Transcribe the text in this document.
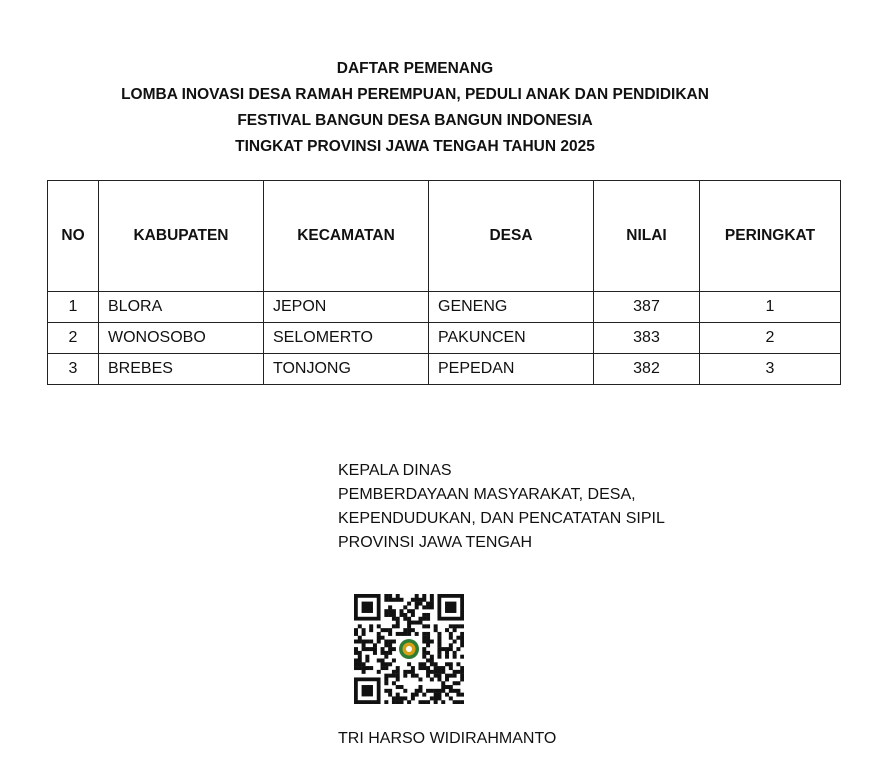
DAFTAR PEMENANG
LOMBA INOVASI DESA RAMAH PEREMPUAN, PEDULI ANAK DAN PENDIDIKAN
FESTIVAL BANGUN DESA BANGUN INDONESIA
TINGKAT PROVINSI JAWA TENGAH TAHUN 2025
NO	KABUPATEN	KECAMATAN	DESA	NILAI	PERINGKAT
1	BLORA	JEPON	GENENG	387	1
2	WONOSOBO	SELOMERTO	PAKUNCEN	383	2
3	BREBES	TONJONG	PEPEDAN	382	3
KEPALA DINAS
PEMBERDAYAAN MASYARAKAT, DESA,
KEPENDUDUKAN, DAN PENCATATAN SIPIL
PROVINSI JAWA TENGAH
TRI HARSO WIDIRAHMANTO
